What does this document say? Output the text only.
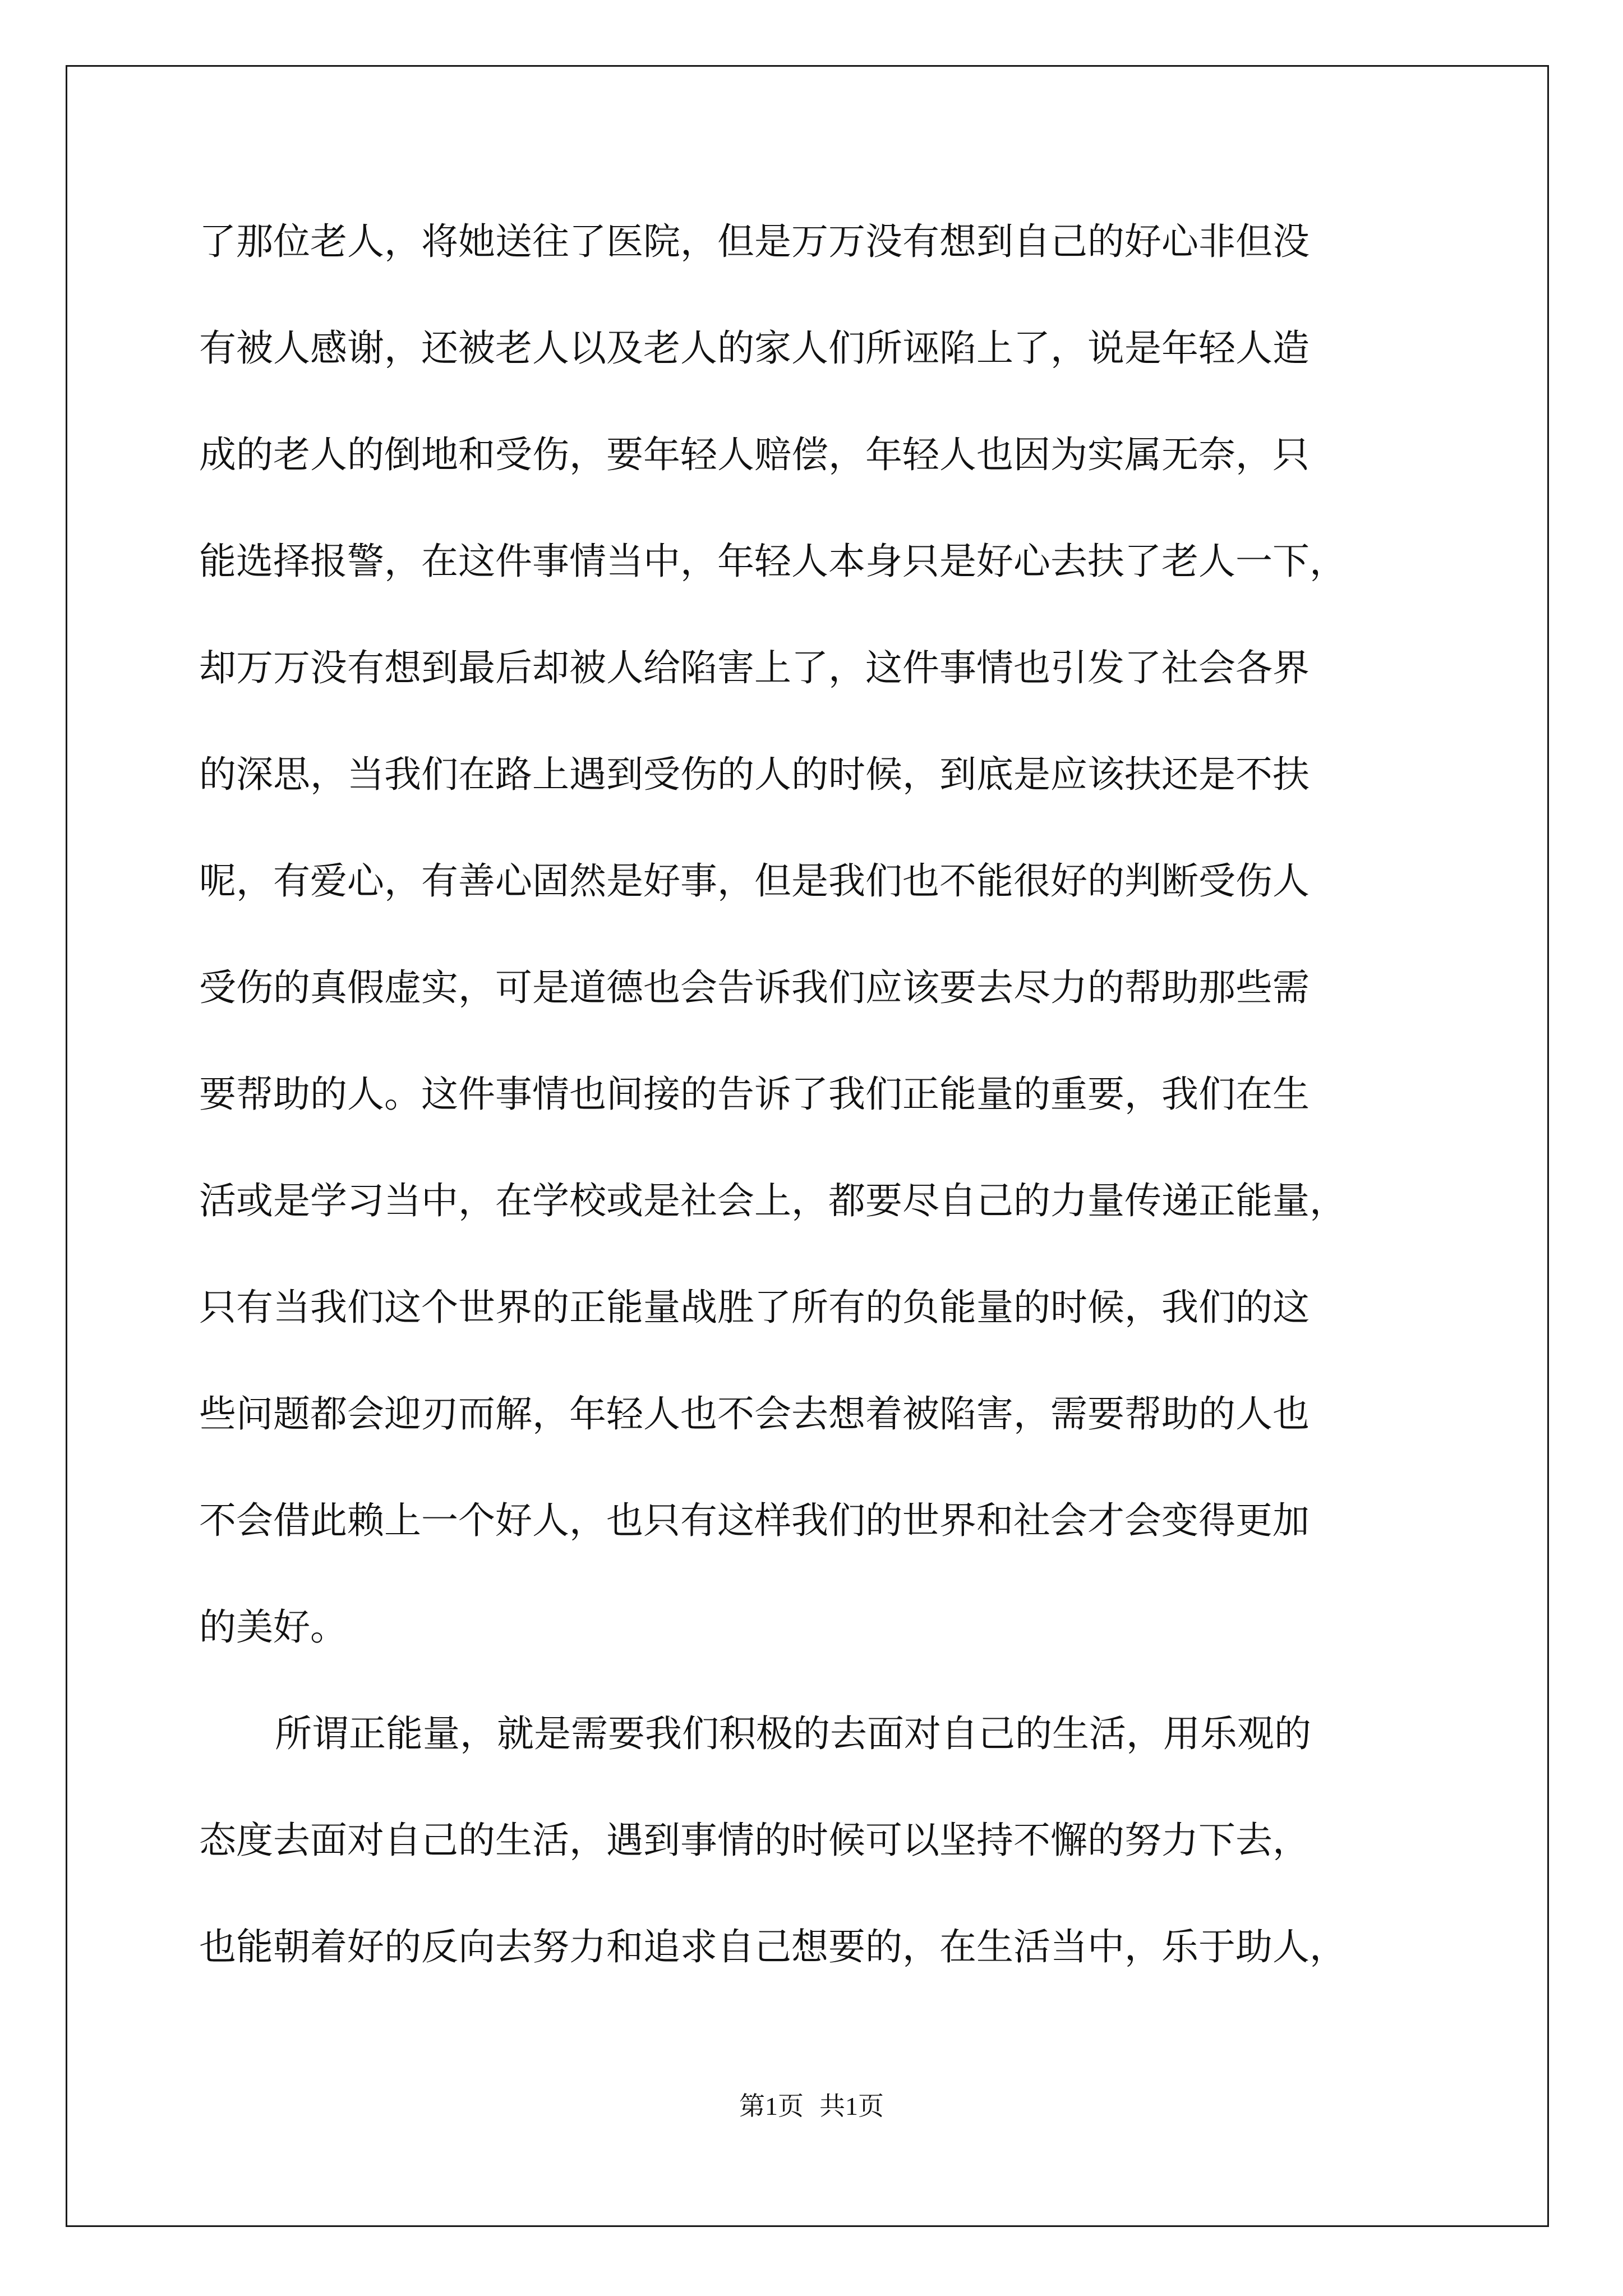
了那位老人，将她送往了医院，但是万万没有想到自己的好心非但没
有被人感谢，还被老人以及老人的家人们所诬陷上了，说是年轻人造
成的老人的倒地和受伤，要年轻人赔偿，年轻人也因为实属无奈，只
能选择报警，在这件事情当中，年轻人本身只是好心去扶了老人一下，
却万万没有想到最后却被人给陷害上了，这件事情也引发了社会各界
的深思，当我们在路上遇到受伤的人的时候，到底是应该扶还是不扶
呢，有爱心，有善心固然是好事，但是我们也不能很好的判断受伤人
受伤的真假虚实，可是道德也会告诉我们应该要去尽力的帮助那些需
要帮助的人。这件事情也间接的告诉了我们正能量的重要，我们在生
活或是学习当中，在学校或是社会上，都要尽自己的力量传递正能量，
只有当我们这个世界的正能量战胜了所有的负能量的时候，我们的这
些问题都会迎刃而解，年轻人也不会去想着被陷害，需要帮助的人也
不会借此赖上一个好人，也只有这样我们的世界和社会才会变得更加
的美好。
所谓正能量，就是需要我们积极的去面对自己的生活，用乐观的
态度去面对自己的生活，遇到事情的时候可以坚持不懈的努力下去，
也能朝着好的反向去努力和追求自己想要的，在生活当中，乐于助人，
第1页 共1页
